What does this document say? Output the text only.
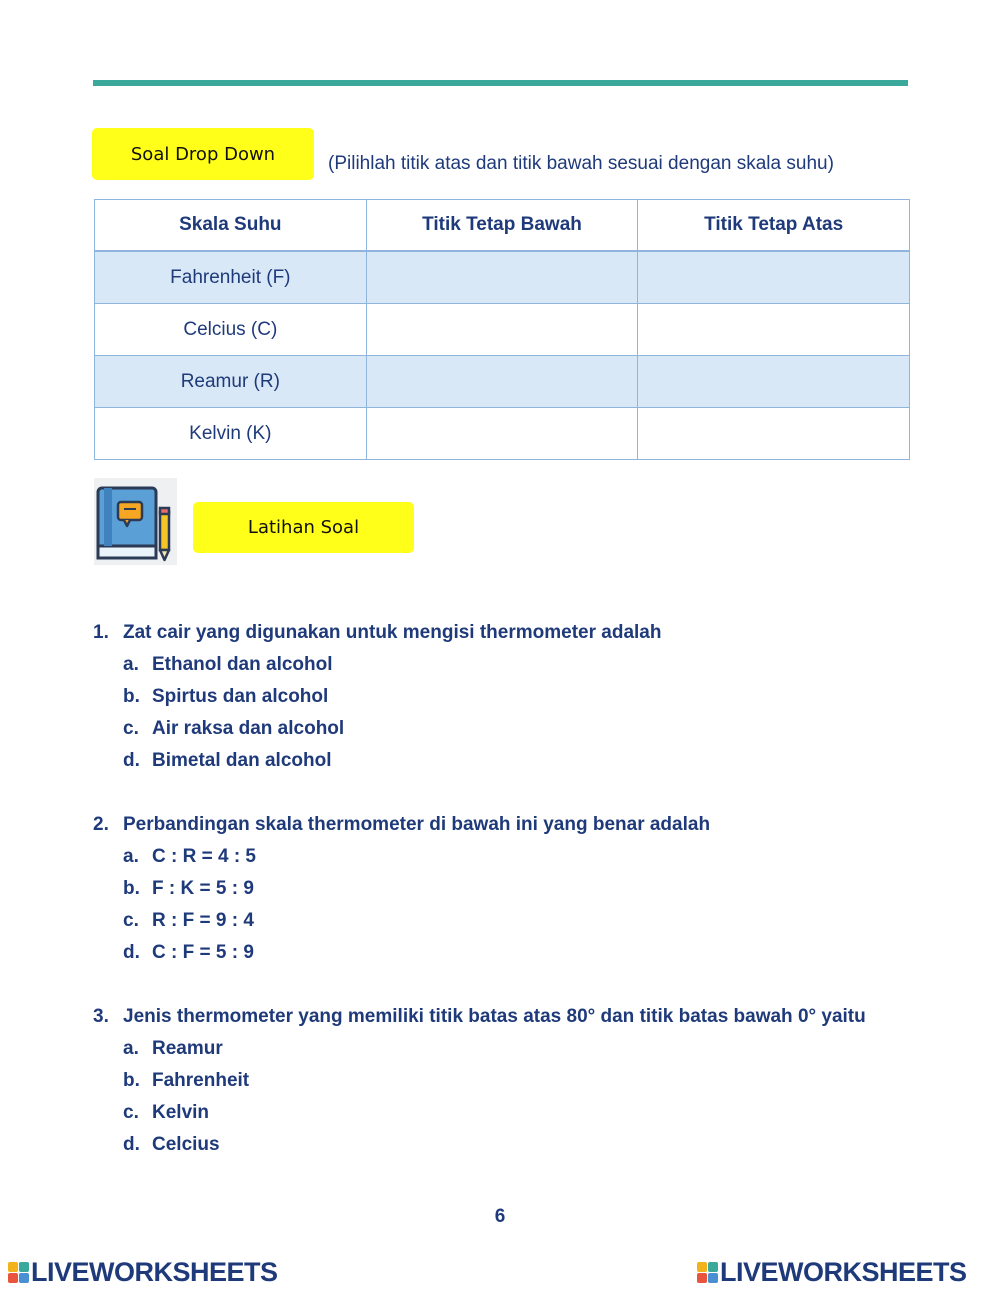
Soal Drop Down	(Pilihlah titik atas dan titik bawah sesuai dengan skala suhu)
Skala Suhu	Titik Tetap Bawah	Titik Tetap Atas
Fahrenheit (F)		
Celcius (C)		
Reamur (R)		
Kelvin (K)		
Latihan Soal
1. Zat cair yang digunakan untuk mengisi thermometer adalah
a. Ethanol dan alcohol
b. Spirtus dan alcohol
c. Air raksa dan alcohol
d. Bimetal dan alcohol
2. Perbandingan skala thermometer di bawah ini yang benar adalah
a. C : R = 4 : 5
b. F : K = 5 : 9
c. R : F = 9 : 4
d. C : F = 5 : 9
3. Jenis thermometer yang memiliki titik batas atas 80° dan titik batas bawah 0° yaitu
a. Reamur
b. Fahrenheit
c. Kelvin
d. Celcius
6
LIVEWORKSHEETS	LIVEWORKSHEETS
